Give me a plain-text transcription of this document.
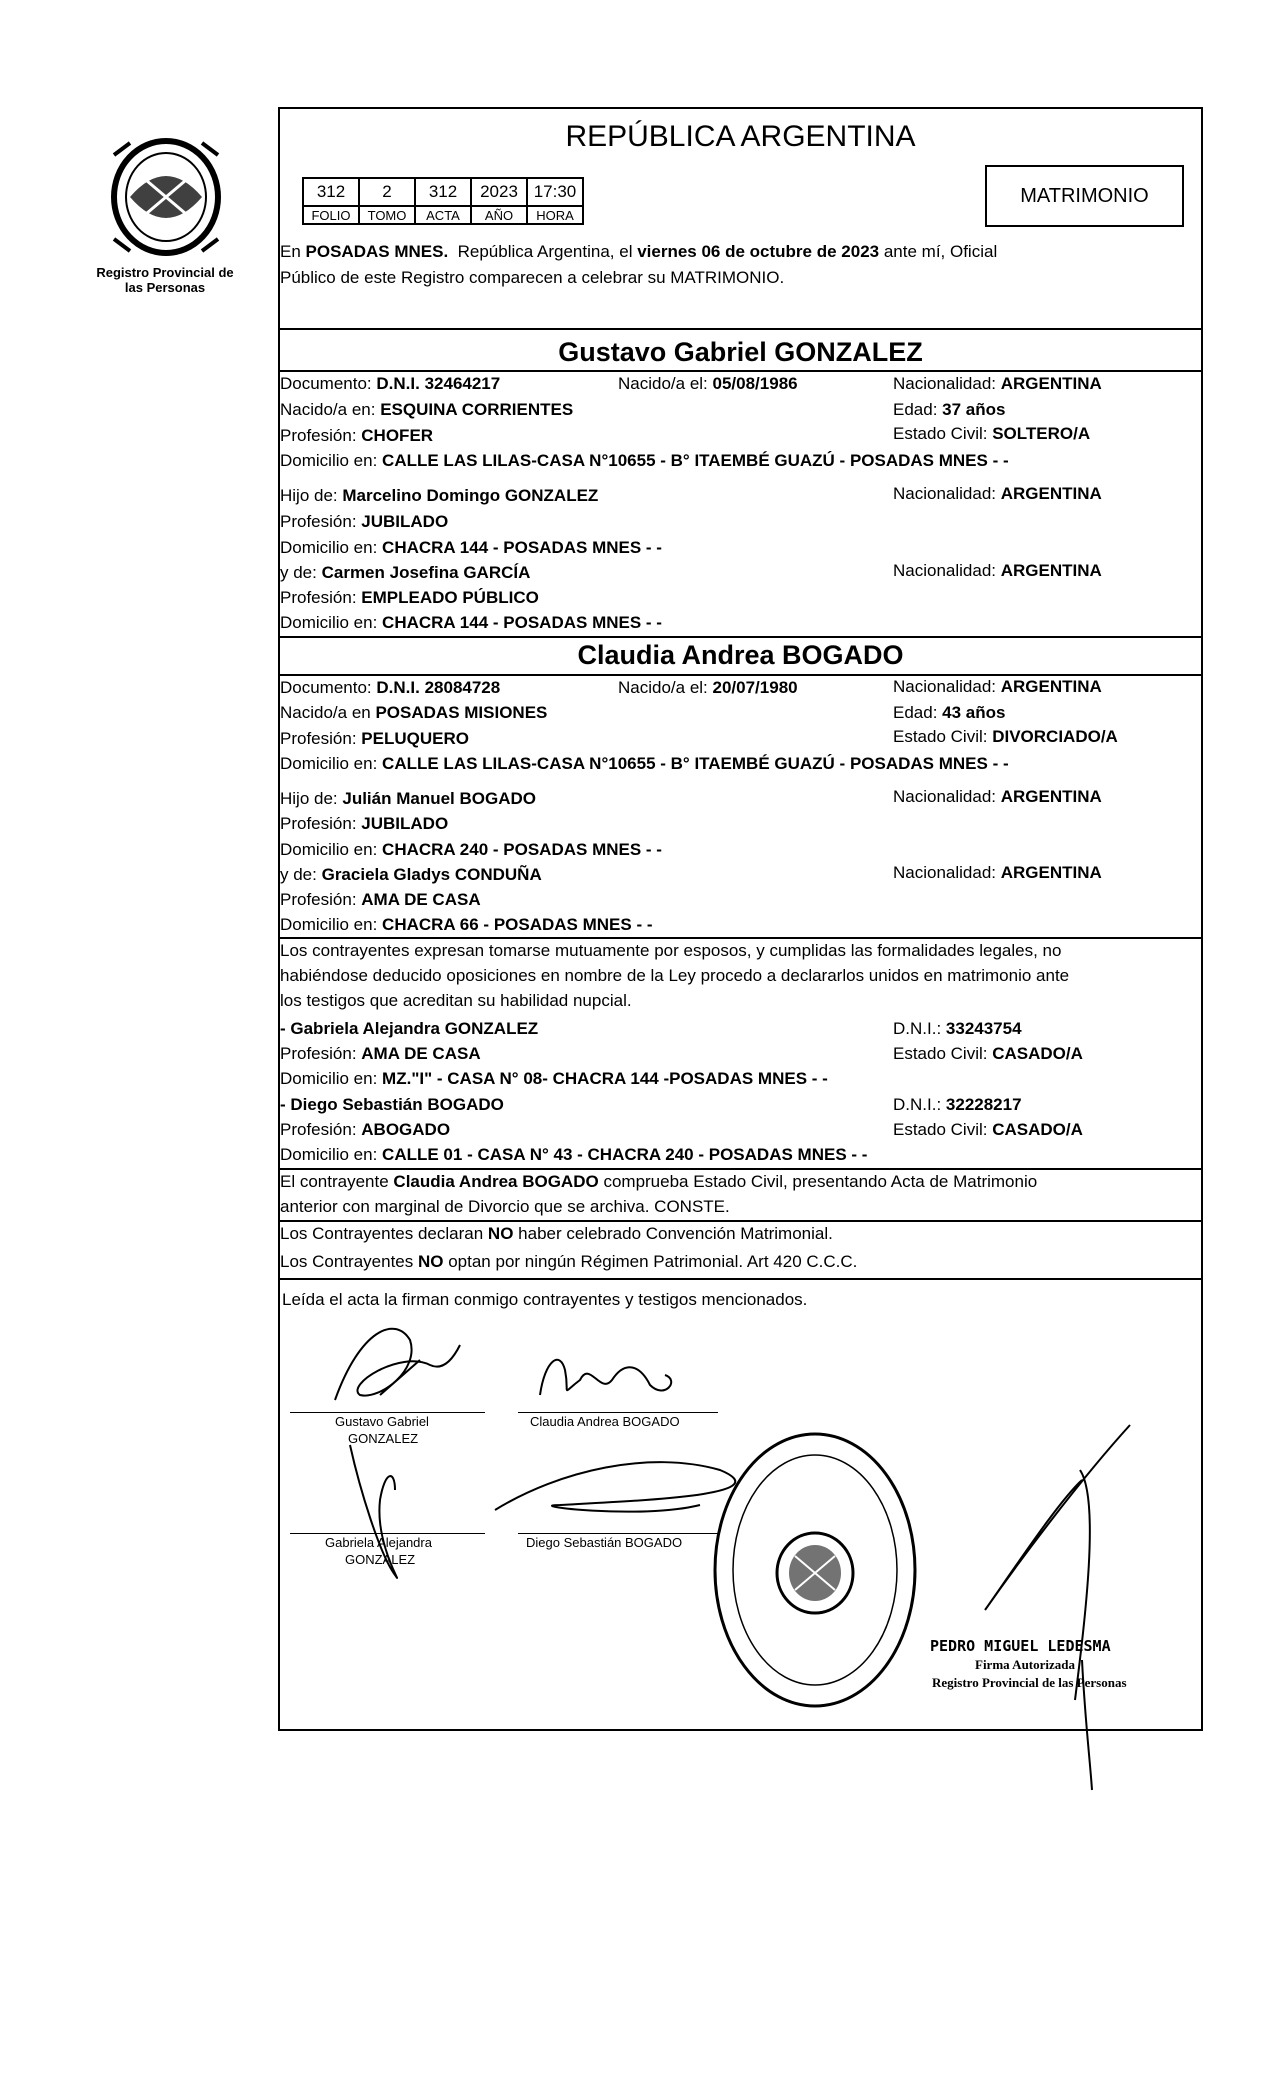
Registro Provincial de las Personas
REPÚBLICA ARGENTINA
312	2	312	2023	17:30
FOLIO	TOMO	ACTA	AÑO	HORA
MATRIMONIO
En POSADAS MNES. República Argentina, el viernes 06 de octubre de 2023 ante mí, Oficial
Público de este Registro comparecen a celebrar su MATRIMONIO.
Gustavo Gabriel GONZALEZ
Documento: D.N.I. 32464217	Nacido/a el: 05/08/1986	Nacionalidad: ARGENTINA
Nacido/a en: ESQUINA CORRIENTES	Edad: 37 años
Profesión: CHOFER	Estado Civil: SOLTERO/A
Domicilio en: CALLE LAS LILAS-CASA N°10655 - B° ITAEMBÉ GUAZÚ - POSADAS MNES - -
Hijo de: Marcelino Domingo GONZALEZ	Nacionalidad: ARGENTINA
Profesión: JUBILADO
Domicilio en: CHACRA 144 - POSADAS MNES - -
y de: Carmen Josefina GARCÍA	Nacionalidad: ARGENTINA
Profesión: EMPLEADO PÚBLICO
Domicilio en: CHACRA 144 - POSADAS MNES - -
Claudia Andrea BOGADO
Documento: D.N.I. 28084728	Nacido/a el: 20/07/1980	Nacionalidad: ARGENTINA
Nacido/a en POSADAS MISIONES	Edad: 43 años
Profesión: PELUQUERO	Estado Civil: DIVORCIADO/A
Domicilio en: CALLE LAS LILAS-CASA N°10655 - B° ITAEMBÉ GUAZÚ - POSADAS MNES - -
Hijo de: Julián Manuel BOGADO	Nacionalidad: ARGENTINA
Profesión: JUBILADO
Domicilio en: CHACRA 240 - POSADAS MNES - -
y de: Graciela Gladys CONDUÑA	Nacionalidad: ARGENTINA
Profesión: AMA DE CASA
Domicilio en: CHACRA 66 - POSADAS MNES - -
Los contrayentes expresan tomarse mutuamente por esposos, y cumplidas las formalidades legales, no
habiéndose deducido oposiciones en nombre de la Ley procedo a declararlos unidos en matrimonio ante
los testigos que acreditan su habilidad nupcial.
- Gabriela Alejandra GONZALEZ	D.N.I.: 33243754
Profesión: AMA DE CASA	Estado Civil: CASADO/A
Domicilio en: MZ."I" - CASA N° 08- CHACRA 144 -POSADAS MNES - -
- Diego Sebastián BOGADO	D.N.I.: 32228217
Profesión: ABOGADO	Estado Civil: CASADO/A
Domicilio en: CALLE 01 - CASA N° 43 - CHACRA 240 - POSADAS MNES - -
El contrayente Claudia Andrea BOGADO comprueba Estado Civil, presentando Acta de Matrimonio
anterior con marginal de Divorcio que se archiva. CONSTE.
Los Contrayentes declaran NO haber celebrado Convención Matrimonial.
Los Contrayentes NO optan por ningún Régimen Patrimonial. Art 420 C.C.C.
Leída el acta la firman conmigo contrayentes y testigos mencionados.
Gustavo Gabriel
GONZALEZ
Claudia Andrea BOGADO
Gabriela Alejandra
GONZALEZ
Diego Sebastián BOGADO
PEDRO MIGUEL LEDESMA
Firma Autorizada
Registro Provincial de las Personas
